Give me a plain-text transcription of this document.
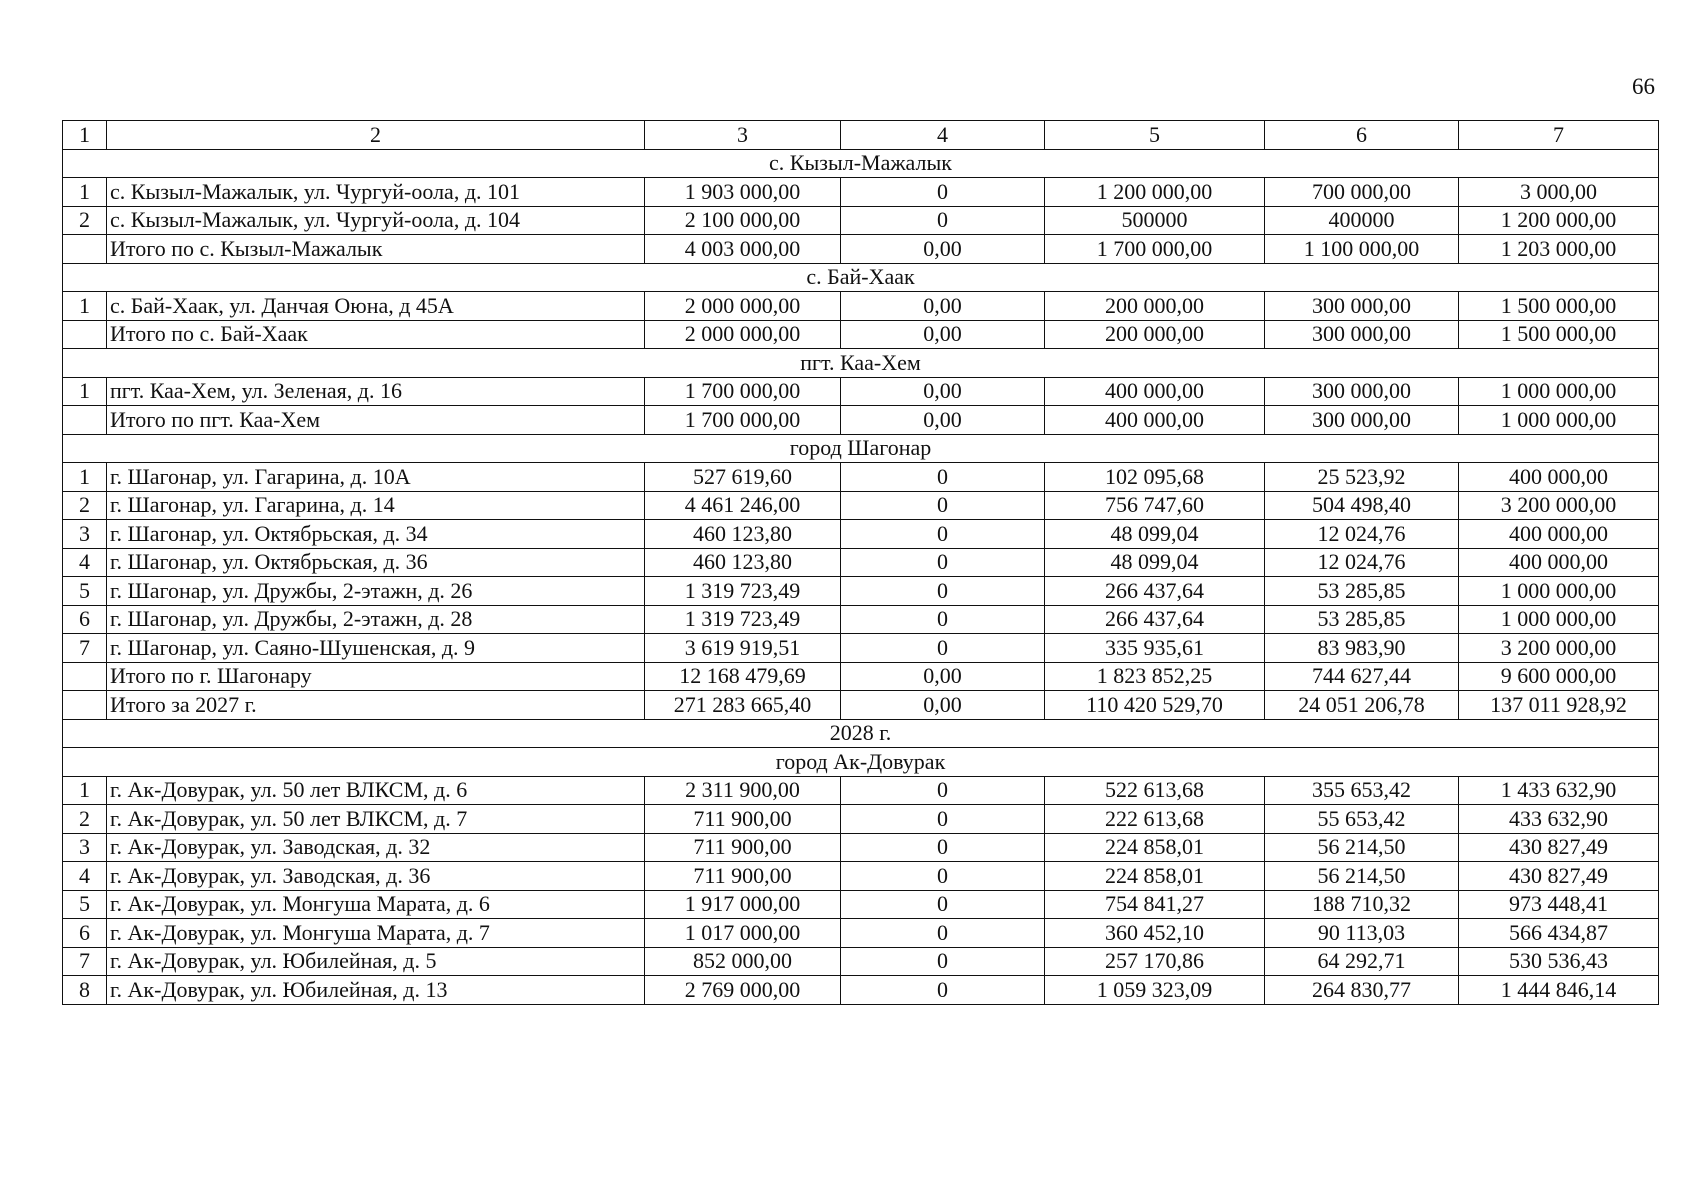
66
1	2	3	4	5	6	7
с. Кызыл-Мажалык						
1	с. Кызыл-Мажалык, ул. Чургуй-оола, д. 101	1 903 000,00	0	1 200 000,00	700 000,00	3 000,00
2	с. Кызыл-Мажалык, ул. Чургуй-оола, д. 104	2 100 000,00	0	500000	400000	1 200 000,00
	Итого по с. Кызыл-Мажалык	4 003 000,00	0,00	1 700 000,00	1 100 000,00	1 203 000,00
с. Бай-Хаак						
1	с. Бай-Хаак, ул. Данчая Оюна, д 45А	2 000 000,00	0,00	200 000,00	300 000,00	1 500 000,00
	Итого по с. Бай-Хаак	2 000 000,00	0,00	200 000,00	300 000,00	1 500 000,00
пгт. Каа-Хем						
1	пгт. Каа-Хем, ул. Зеленая, д. 16	1 700 000,00	0,00	400 000,00	300 000,00	1 000 000,00
	Итого по пгт. Каа-Хем	1 700 000,00	0,00	400 000,00	300 000,00	1 000 000,00
город Шагонар						
1	г. Шагонар, ул. Гагарина, д. 10А	527 619,60	0	102 095,68	25 523,92	400 000,00
2	г. Шагонар, ул. Гагарина, д. 14	4 461 246,00	0	756 747,60	504 498,40	3 200 000,00
3	г. Шагонар, ул. Октябрьская, д. 34	460 123,80	0	48 099,04	12 024,76	400 000,00
4	г. Шагонар, ул. Октябрьская, д. 36	460 123,80	0	48 099,04	12 024,76	400 000,00
5	г. Шагонар, ул. Дружбы, 2-этажн, д. 26	1 319 723,49	0	266 437,64	53 285,85	1 000 000,00
6	г. Шагонар, ул. Дружбы, 2-этажн, д. 28	1 319 723,49	0	266 437,64	53 285,85	1 000 000,00
7	г. Шагонар, ул. Саяно-Шушенская, д. 9	3 619 919,51	0	335 935,61	83 983,90	3 200 000,00
	Итого по г. Шагонару	12 168 479,69	0,00	1 823 852,25	744 627,44	9 600 000,00
	Итого за 2027 г.	271 283 665,40	0,00	110 420 529,70	24 051 206,78	137 011 928,92
2028 г.						
город Ак-Довурак						
1	г. Ак-Довурак, ул. 50 лет ВЛКСМ, д. 6	2 311 900,00	0	522 613,68	355 653,42	1 433 632,90
2	г. Ак-Довурак, ул. 50 лет ВЛКСМ, д. 7	711 900,00	0	222 613,68	55 653,42	433 632,90
3	г. Ак-Довурак, ул. Заводская, д. 32	711 900,00	0	224 858,01	56 214,50	430 827,49
4	г. Ак-Довурак, ул. Заводская, д. 36	711 900,00	0	224 858,01	56 214,50	430 827,49
5	г. Ак-Довурак, ул. Монгуша Марата, д. 6	1 917 000,00	0	754 841,27	188 710,32	973 448,41
6	г. Ак-Довурак, ул. Монгуша Марата, д. 7	1 017 000,00	0	360 452,10	90 113,03	566 434,87
7	г. Ак-Довурак, ул. Юбилейная, д. 5	852 000,00	0	257 170,86	64 292,71	530 536,43
8	г. Ак-Довурак, ул. Юбилейная, д. 13	2 769 000,00	0	1 059 323,09	264 830,77	1 444 846,14
